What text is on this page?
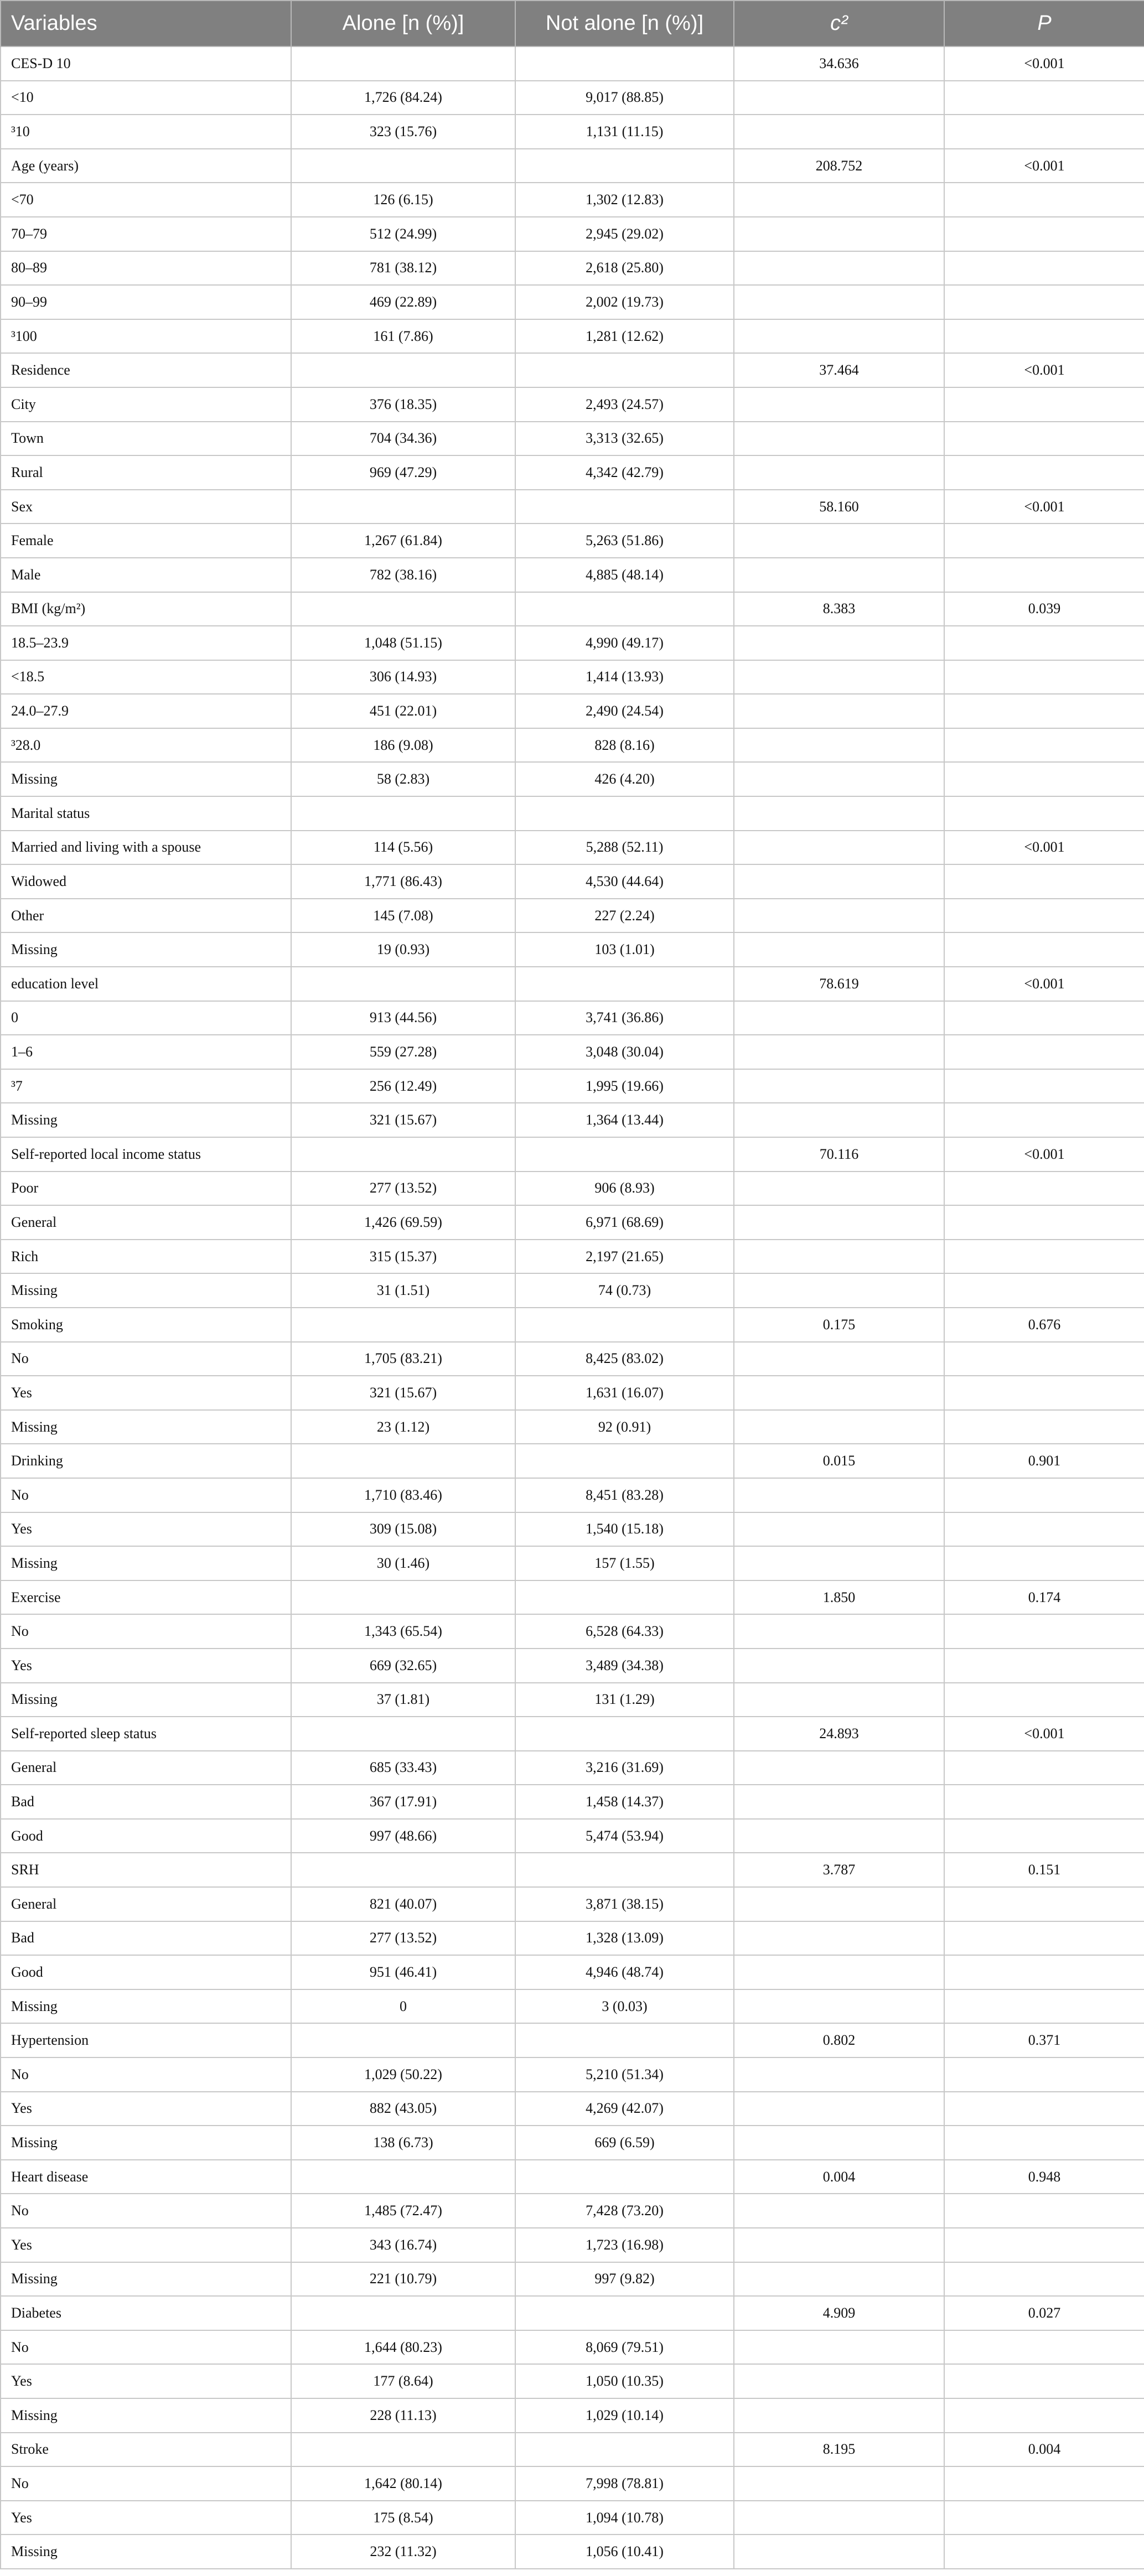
Variables	Alone [n (%)]	Not alone [n (%)]	c²	P
CES-D 10			34.636	<0.001
<10	1,726 (84.24)	9,017 (88.85)		
³10	323 (15.76)	1,131 (11.15)		
Age (years)			208.752	<0.001
<70	126 (6.15)	1,302 (12.83)		
70–79	512 (24.99)	2,945 (29.02)		
80–89	781 (38.12)	2,618 (25.80)		
90–99	469 (22.89)	2,002 (19.73)		
³100	161 (7.86)	1,281 (12.62)		
Residence			37.464	<0.001
City	376 (18.35)	2,493 (24.57)		
Town	704 (34.36)	3,313 (32.65)		
Rural	969 (47.29)	4,342 (42.79)		
Sex			58.160	<0.001
Female	1,267 (61.84)	5,263 (51.86)		
Male	782 (38.16)	4,885 (48.14)		
BMI (kg/m²)			8.383	0.039
18.5–23.9	1,048 (51.15)	4,990 (49.17)		
<18.5	306 (14.93)	1,414 (13.93)		
24.0–27.9	451 (22.01)	2,490 (24.54)		
³28.0	186 (9.08)	828 (8.16)		
Missing	58 (2.83)	426 (4.20)		
Marital status				
Married and living with a spouse	114 (5.56)	5,288 (52.11)		<0.001
Widowed	1,771 (86.43)	4,530 (44.64)		
Other	145 (7.08)	227 (2.24)		
Missing	19 (0.93)	103 (1.01)		
education level			78.619	<0.001
0	913 (44.56)	3,741 (36.86)		
1–6	559 (27.28)	3,048 (30.04)		
³7	256 (12.49)	1,995 (19.66)		
Missing	321 (15.67)	1,364 (13.44)		
Self-reported local income status			70.116	<0.001
Poor	277 (13.52)	906 (8.93)		
General	1,426 (69.59)	6,971 (68.69)		
Rich	315 (15.37)	2,197 (21.65)		
Missing	31 (1.51)	74 (0.73)		
Smoking			0.175	0.676
No	1,705 (83.21)	8,425 (83.02)		
Yes	321 (15.67)	1,631 (16.07)		
Missing	23 (1.12)	92 (0.91)		
Drinking			0.015	0.901
No	1,710 (83.46)	8,451 (83.28)		
Yes	309 (15.08)	1,540 (15.18)		
Missing	30 (1.46)	157 (1.55)		
Exercise			1.850	0.174
No	1,343 (65.54)	6,528 (64.33)		
Yes	669 (32.65)	3,489 (34.38)		
Missing	37 (1.81)	131 (1.29)		
Self-reported sleep status			24.893	<0.001
General	685 (33.43)	3,216 (31.69)		
Bad	367 (17.91)	1,458 (14.37)		
Good	997 (48.66)	5,474 (53.94)		
SRH			3.787	0.151
General	821 (40.07)	3,871 (38.15)		
Bad	277 (13.52)	1,328 (13.09)		
Good	951 (46.41)	4,946 (48.74)		
Missing	0	3 (0.03)		
Hypertension			0.802	0.371
No	1,029 (50.22)	5,210 (51.34)		
Yes	882 (43.05)	4,269 (42.07)		
Missing	138 (6.73)	669 (6.59)		
Heart disease			0.004	0.948
No	1,485 (72.47)	7,428 (73.20)		
Yes	343 (16.74)	1,723 (16.98)		
Missing	221 (10.79)	997 (9.82)		
Diabetes			4.909	0.027
No	1,644 (80.23)	8,069 (79.51)		
Yes	177 (8.64)	1,050 (10.35)		
Missing	228 (11.13)	1,029 (10.14)		
Stroke			8.195	0.004
No	1,642 (80.14)	7,998 (78.81)		
Yes	175 (8.54)	1,094 (10.78)		
Missing	232 (11.32)	1,056 (10.41)		
